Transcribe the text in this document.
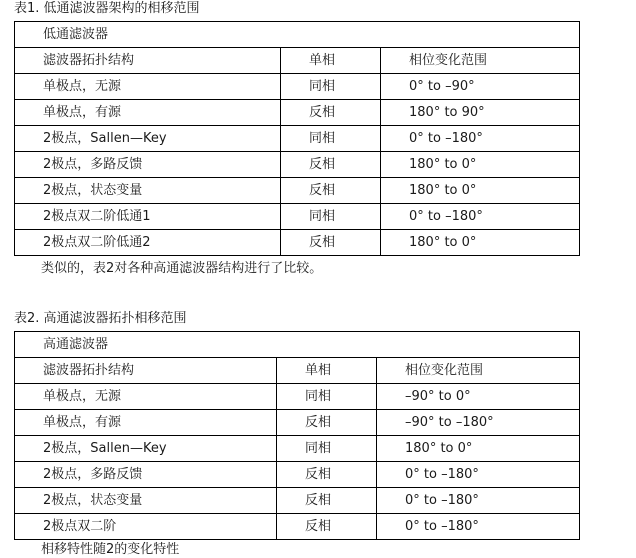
表1. 低通滤波器架构的相移范围
低通滤波器		
滤波器拓扑结构	单相	相位变化范围
单极点，无源	同相	0° to –90°
单极点，有源	反相	180° to 90°
2极点，Sallen—Key	同相	0° to –180°
2极点，多路反馈	反相	180° to 0°
2极点，状态变量	反相	180° to 0°
2极点双二阶低通1	同相	0° to –180°
2极点双二阶低通2	反相	180° to 0°
类似的，表2对各种高通滤波器结构进行了比较。
表2. 高通滤波器拓扑相移范围
高通滤波器		
滤波器拓扑结构	单相	相位变化范围
单极点，无源	同相	–90° to 0°
单极点，有源	反相	–90° to –180°
2极点，Sallen—Key	同相	180° to 0°
2极点，多路反馈	反相	0° to –180°
2极点，状态变量	反相	0° to –180°
2极点双二阶	反相	0° to –180°
相移特性随2的变化特性
